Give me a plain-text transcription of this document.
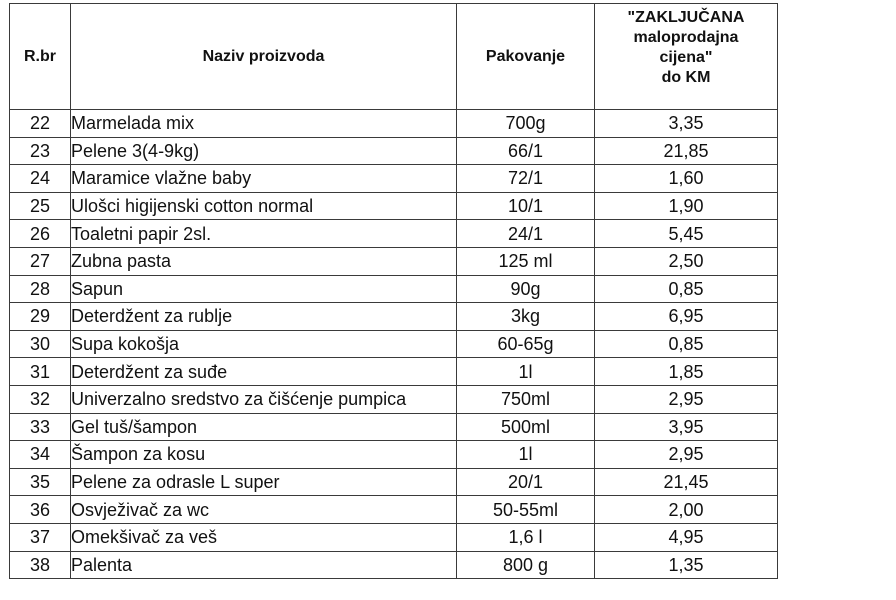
R.br	Naziv proizvoda	Pakovanje	"ZAKLJUČANA
maloprodajna
cijena"
do KM
22	Marmelada mix	700g	3,35
23	Pelene 3(4-9kg)	66/1	21,85
24	Maramice vlažne baby	72/1	1,60
25	Ulošci higijenski cotton normal	10/1	1,90
26	Toaletni papir 2sl.	24/1	5,45
27	Zubna pasta	125 ml	2,50
28	Sapun	90g	0,85
29	Deterdžent za rublje	3kg	6,95
30	Supa kokošja	60-65g	0,85
31	Deterdžent za suđe	1l	1,85
32	Univerzalno sredstvo za čišćenje pumpica	750ml	2,95
33	Gel tuš/šampon	500ml	3,95
34	Šampon za kosu	1l	2,95
35	Pelene za odrasle L super	20/1	21,45
36	Osvježivač za wc	50-55ml	2,00
37	Omekšivač za veš	1,6 l	4,95
38	Palenta	800 g	1,35
